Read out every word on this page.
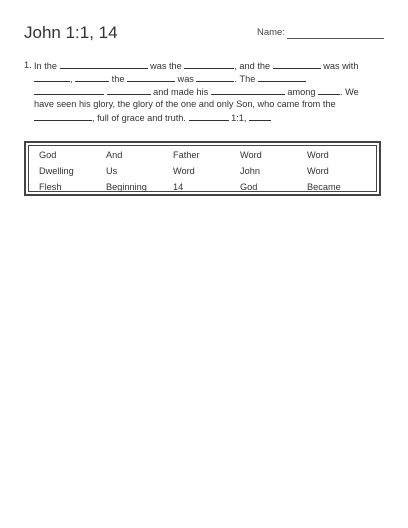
John 1:1, 14	Name:
1. In the	was the	, and the	was with
,	the	was	. The
and made his	among . We
have seen his glory, the glory of the one and only Son, who came from the
, full of grace and truth.	1:1,
God	And	Father	Word	Word
Dwelling	Us	Word	John	Word
Flesh	Beginning	14	God	Became
